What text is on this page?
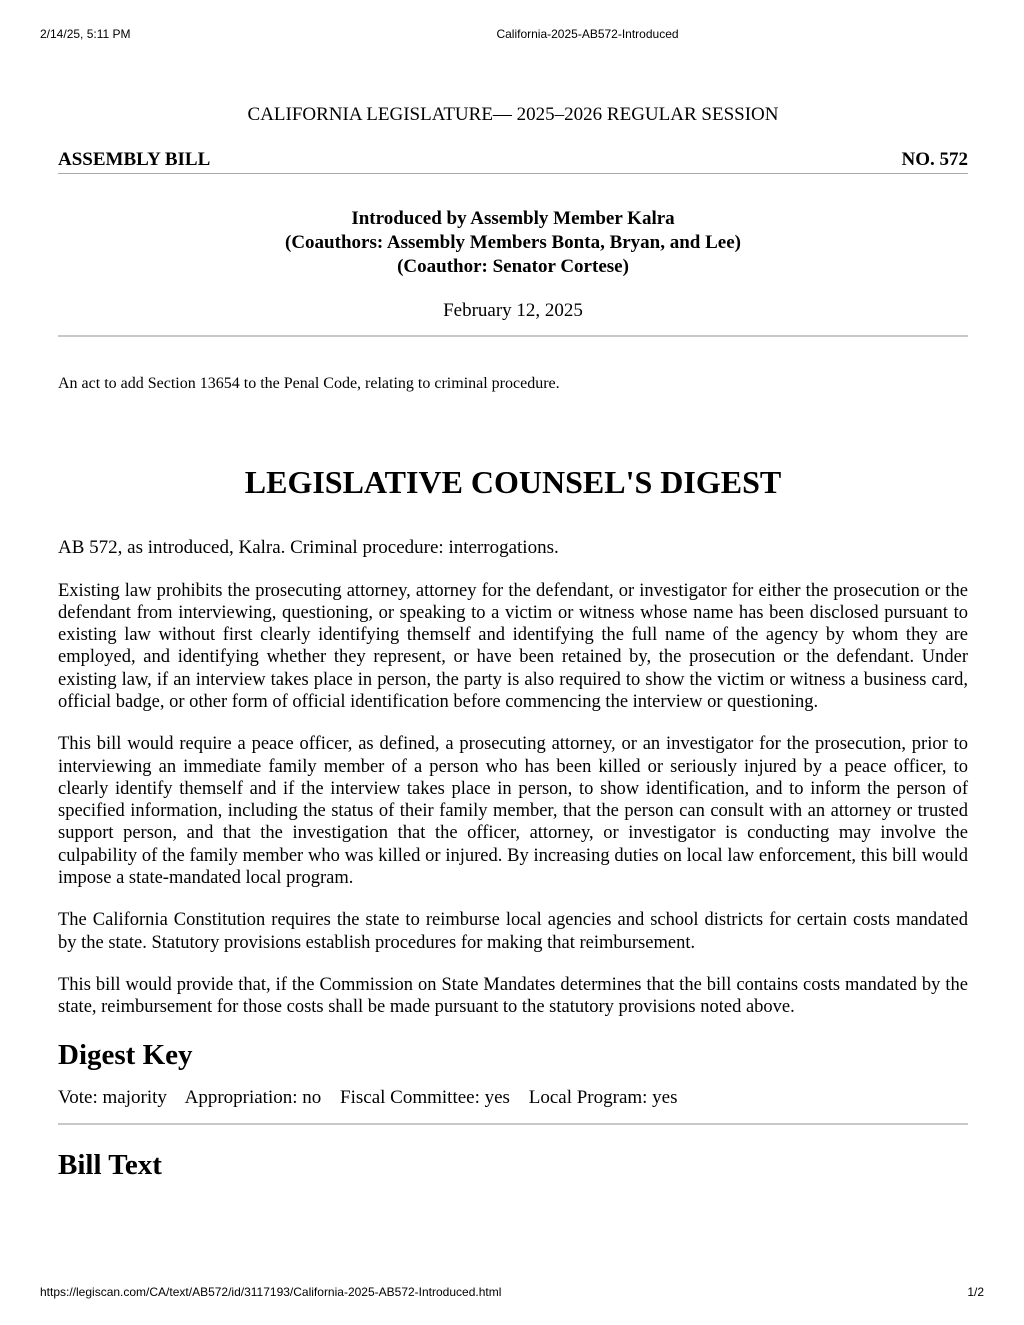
2/14/25, 5:11 PM	California-2025-AB572-Introduced
CALIFORNIA LEGISLATURE— 2025–2026 REGULAR SESSION
ASSEMBLY BILL	NO. 572
Introduced by Assembly Member Kalra
(Coauthors: Assembly Members Bonta, Bryan, and Lee)
(Coauthor: Senator Cortese)
February 12, 2025
An act to add Section 13654 to the Penal Code, relating to criminal procedure.
LEGISLATIVE COUNSEL'S DIGEST
AB 572, as introduced, Kalra. Criminal procedure: interrogations.
Existing law prohibits the prosecuting attorney, attorney for the defendant, or investigator for either the prosecution or the defendant from interviewing, questioning, or speaking to a victim or witness whose name has been disclosed pursuant to existing law without first clearly identifying themself and identifying the full name of the agency by whom they are employed, and identifying whether they represent, or have been retained by, the prosecution or the defendant. Under existing law, if an interview takes place in person, the party is also required to show the victim or witness a business card, official badge, or other form of official identification before commencing the interview or questioning.
This bill would require a peace officer, as defined, a prosecuting attorney, or an investigator for the prosecution, prior to interviewing an immediate family member of a person who has been killed or seriously injured by a peace officer, to clearly identify themself and if the interview takes place in person, to show identification, and to inform the person of specified information, including the status of their family member, that the person can consult with an attorney or trusted support person, and that the investigation that the officer, attorney, or investigator is conducting may involve the culpability of the family member who was killed or injured. By increasing duties on local law enforcement, this bill would impose a state-mandated local program.
The California Constitution requires the state to reimburse local agencies and school districts for certain costs mandated by the state. Statutory provisions establish procedures for making that reimbursement.
This bill would provide that, if the Commission on State Mandates determines that the bill contains costs mandated by the state, reimbursement for those costs shall be made pursuant to the statutory provisions noted above.
Digest Key
Vote: majority Appropriation: no Fiscal Committee: yes Local Program: yes
Bill Text
https://legiscan.com/CA/text/AB572/id/3117193/California-2025-AB572-Introduced.html	1/2
